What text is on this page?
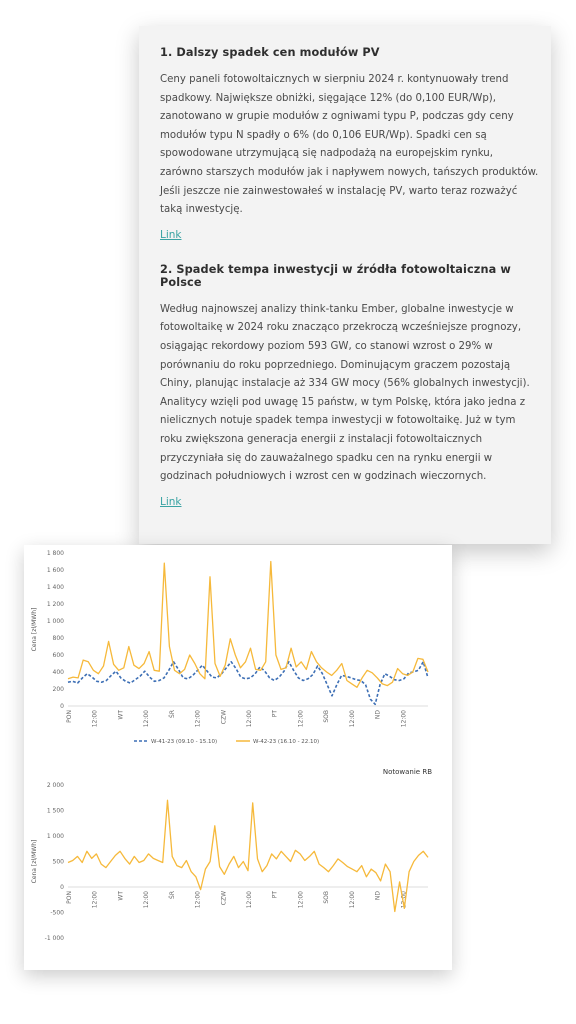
1. Dalszy spadek cen modułów PV

Ceny paneli fotowoltaicznych w sierpniu 2024 r. kontynuowały trend spadkowy. Największe obniżki, sięgające 12% (do 0,100 EUR/Wp), zanotowano w grupie modułów z ogniwami typu P, podczas gdy ceny modułów typu N spadły o 6% (do 0,106 EUR/Wp). Spadki cen są spowodowane utrzymującą się nadpodażą na europejskim rynku, zarówno starszych modułów jak i napływem nowych, tańszych produktów. Jeśli jeszcze nie zainwestowałeś w instalację PV, warto teraz rozważyć taką inwestycję.

Link
2. Spadek tempa inwestycji w źródła fotowoltaiczna w Polsce

Według najnowszej analizy think-tanku Ember, globalne inwestycje w fotowoltaikę w 2024 roku znacząco przekroczą wcześniejsze prognozy, osiągając rekordowy poziom 593 GW, co stanowi wzrost o 29% w porównaniu do roku poprzedniego. Dominującym graczem pozostają Chiny, planując instalacje aż 334 GW mocy (56% globalnych inwestycji). Analitycy wzięli pod uwagę 15 państw, w tym Polskę, która jako jedna z nielicznych notuje spadek tempa inwestycji w fotowoltaikę. Już w tym roku zwiększona generacja energii z instalacji fotowoltaicznych przyczyniała się do zauważalnego spadku cen na rynku energii w godzinach południowych i wzrost cen w godzinach wieczornych.

Link
1 800
1 600
1 400
1 200
1 000
800
600
400
200
0
Cena [zł/MWh]
PON	12:00	WT	12:00	ŚR	12:00	CZW	12:00	PT	12:00	SOB	12:00	ND	12:00
W-41-23 (09.10 - 15.10)	W-42-23 (16.10 - 22.10)
2 000
1 500
1 000
500
0
-500
-1 000
Cena [zł/MWh]
PON	12:00	WT	12:00	ŚR	12:00	CZW	12:00	PT	12:00	SOB	12:00	ND	12:00
Notowanie RB
